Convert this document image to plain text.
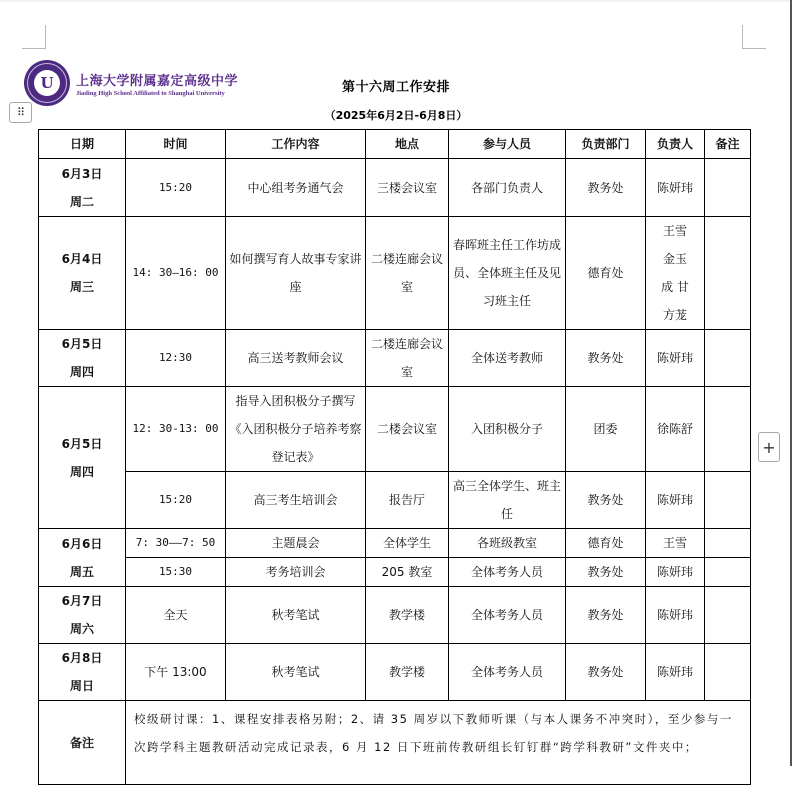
U	上海大学附属嘉定高级中学
Jiading High School Affiliated to Shanghai University
⠿
+
第十六周工作安排
（2025年6月2日-6月8日）
日期	时间	工作内容	地点	参与人员	负责部门	负责人	备注

6月3日
周二	15:20	中心组考务通气会	三楼会议室	各部门负责人	教务处	陈妍玮	

6月4日
周三	14: 30—16: 00	如何撰写育人故事专家讲座	二楼连廊会议室	春晖班主任工作坊成员、全体班主任及见习班主任	德育处	王雪 金玉成 甘方茏	

6月5日
周四	12:30	高三送考教师会议	二楼连廊会议室	全体送考教师	教务处	陈妍玮	

6月5日
周四	12: 30-13: 00	指导入团积极分子撰写《入团积极分子培养考察登记表》	二楼会议室	入团积极分子	团委	徐陈舒	
	15:20	高三考生培训会	报告厅	高三全体学生、班主任	教务处	陈妍玮	

6月6日
周五	7: 30——7: 50	主题晨会	全体学生	各班级教室	德育处	王雪	
	15:30	考务培训会	205 教室	全体考务人员	教务处	陈妍玮	

6月7日
周六	全天	秋考笔试	教学楼	全体考务人员	教务处	陈妍玮	

6月8日
周日	下午 13:00	秋考笔试	教学楼	全体考务人员	教务处	陈妍玮	
备注	校级研讨课：1、课程安排表格另附；2、请 35 周岁以下教师听课（与本人课务不冲突时），至少参与一
次跨学科主题教研活动完成记录表，6 月 12 日下班前传教研组长钉钉群“跨学科教研”文件夹中；						
